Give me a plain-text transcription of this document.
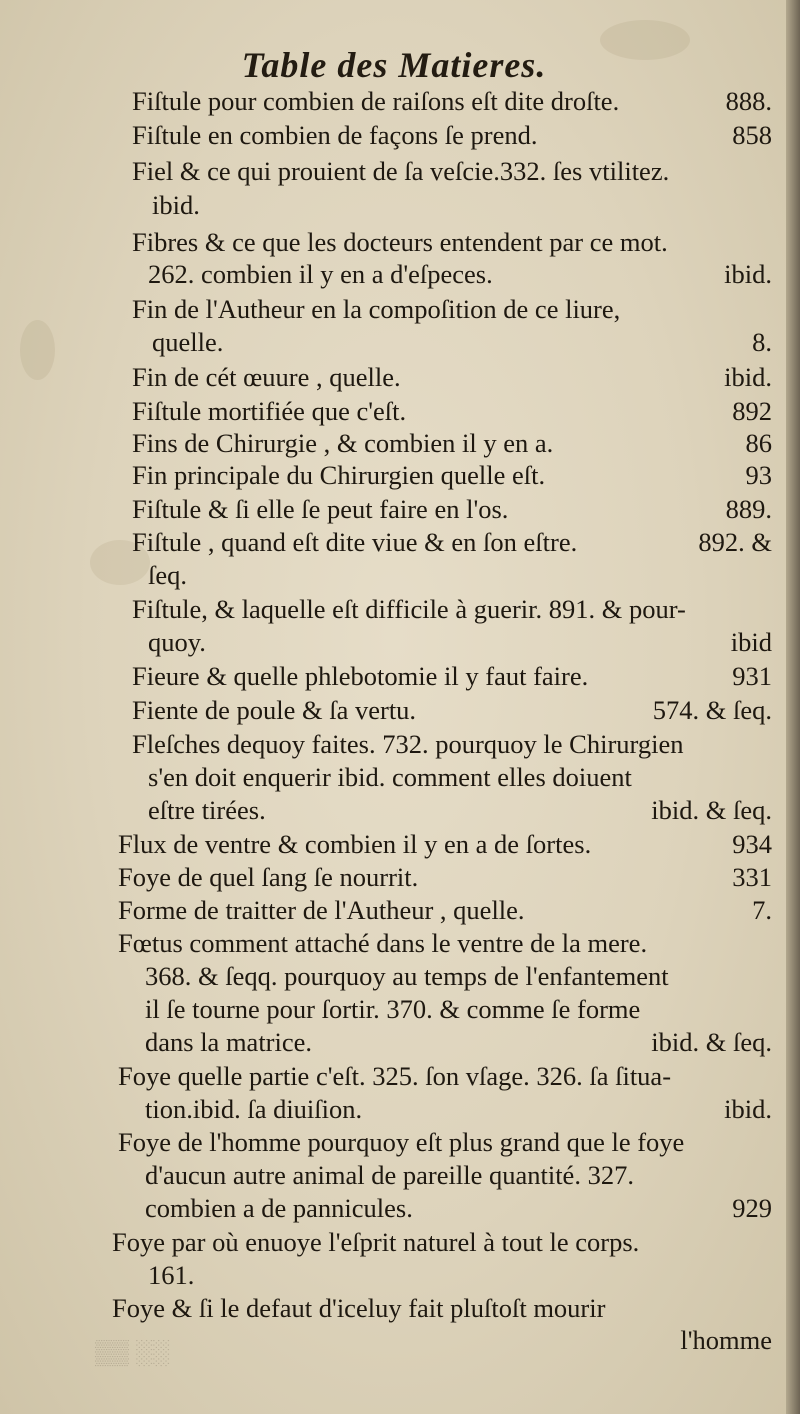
Table des Matieres.
Fiſtule pour combien de raiſons eſt dite droſte.	888.
Fiſtule en combien de façons ſe prend.	858
Fiel & ce qui prouient de ſa veſcie.332. ſes vtilitez.
ibid.
Fibres & ce que les docteurs entendent par ce mot.
262. combien il y en a d'eſpeces.	ibid.
Fin de l'Autheur en la compoſition de ce liure,
quelle.	8.
Fin de cét œuure , quelle.	ibid.
Fiſtule mortifiée que c'eſt.	892
Fins de Chirurgie , & combien il y en a.	86
Fin principale du Chirurgien quelle eſt.	93
Fiſtule & ſi elle ſe peut faire en l'os.	889.
Fiſtule , quand eſt dite viue & en ſon eſtre.	892. &
ſeq.
Fiſtule, & laquelle eſt difficile à guerir. 891. & pour-
quoy.	ibid
Fieure & quelle phlebotomie il y faut faire.	931
Fiente de poule & ſa vertu.	574. & ſeq.
Fleſches dequoy faites. 732. pourquoy le Chirurgien
s'en doit enquerir ibid. comment elles doiuent
eſtre tirées.	ibid. & ſeq.
Flux de ventre & combien il y en a de ſortes.	934
Foye de quel ſang ſe nourrit.	331
Forme de traitter de l'Autheur , quelle.	7.
Fœtus comment attaché dans le ventre de la mere.
368. & ſeqq. pourquoy au temps de l'enfantement
il ſe tourne pour ſortir. 370. & comme ſe forme
dans la matrice.	ibid. & ſeq.
Foye quelle partie c'eſt. 325. ſon vſage. 326. ſa ſitua-
tion.ibid. ſa diuiſion.	ibid.
Foye de l'homme pourquoy eſt plus grand que le foye
d'aucun autre animal de pareille quantité. 327.
combien a de pannicules.	929
Foye par où enuoye l'eſprit naturel à tout le corps.
161.
Foye & ſi le defaut d'iceluy fait pluſtoſt mourir
l'homme
▒▒ ░░
